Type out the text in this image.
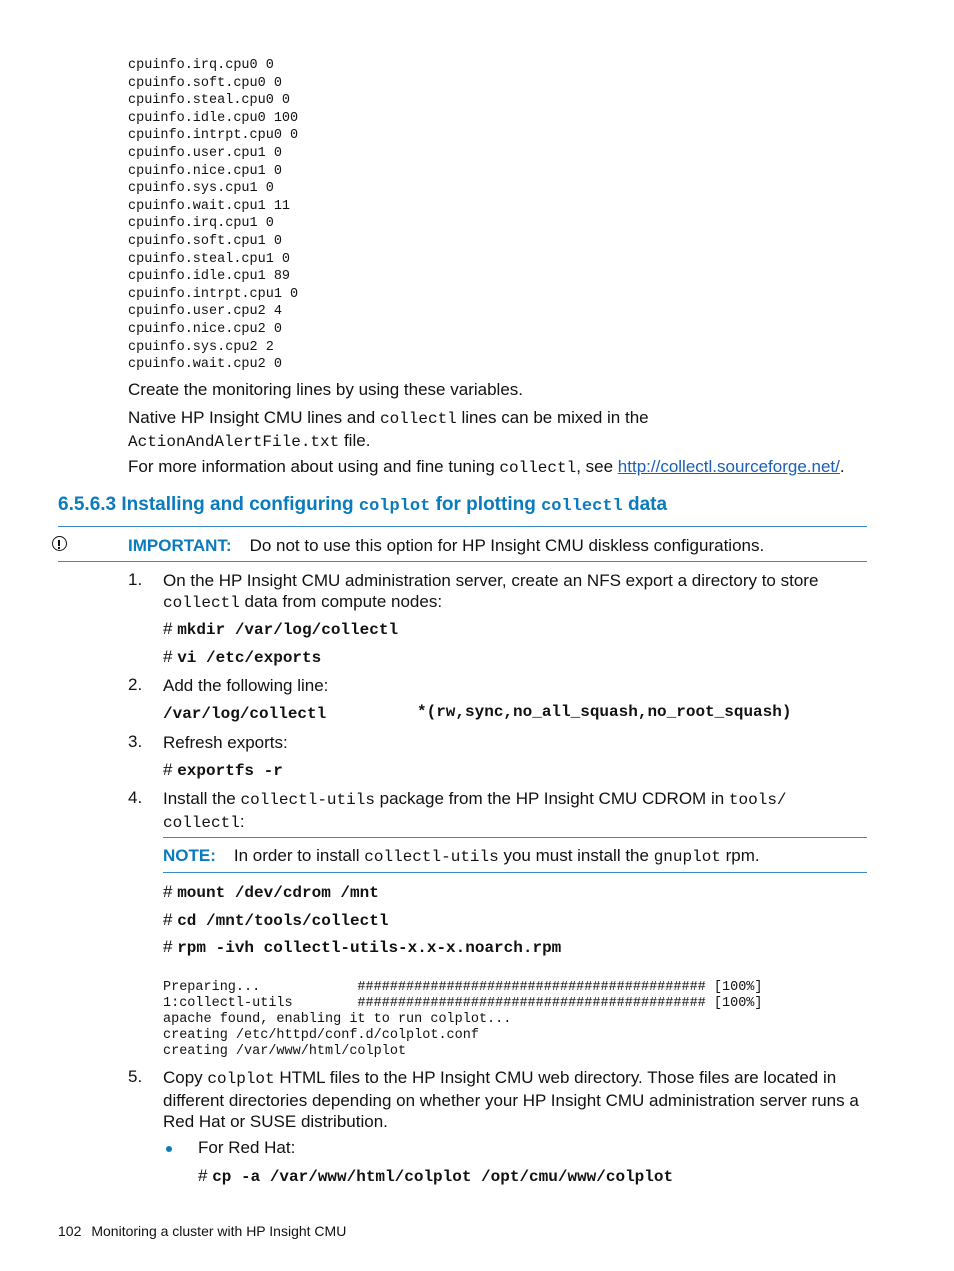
cpuinfo.irq.cpu0 0
cpuinfo.soft.cpu0 0
cpuinfo.steal.cpu0 0
cpuinfo.idle.cpu0 100
cpuinfo.intrpt.cpu0 0
cpuinfo.user.cpu1 0
cpuinfo.nice.cpu1 0
cpuinfo.sys.cpu1 0
cpuinfo.wait.cpu1 11
cpuinfo.irq.cpu1 0
cpuinfo.soft.cpu1 0
cpuinfo.steal.cpu1 0
cpuinfo.idle.cpu1 89
cpuinfo.intrpt.cpu1 0
cpuinfo.user.cpu2 4
cpuinfo.nice.cpu2 0
cpuinfo.sys.cpu2 2
cpuinfo.wait.cpu2 0

Create the monitoring lines by using these variables.

Native HP Insight CMU lines and collectl lines can be mixed in the
ActionAndAlertFile.txt file.

For more information about using and fine tuning collectl, see http://collectl.sourceforge.net/.

6.5.6.3 Installing and configuring colplot for plotting collectl data
IMPORTANT: Do not to use this option for HP Insight CMU diskless configurations.
1. On the HP Insight CMU administration server, create an NFS export a directory to store
collectl data from compute nodes:

# mkdir /var/log/collectl
# vi /etc/exports
2. Add the following line:

/var/log/collectl	*(rw,sync,no_all_squash,no_root_squash)
3. Refresh exports:

# exportfs -r
4. Install the collectl-utils package from the HP Insight CMU CDROM in tools/
collectl:

NOTE: In order to install collectl-utils you must install the gnuplot rpm.
# mount /dev/cdrom /mnt
# cd /mnt/tools/collectl
# rpm -ivh collectl-utils-x.x-x.noarch.rpm
Preparing...            ########################################### [100%]
1:collectl-utils        ########################################### [100%]
apache found, enabling it to run colplot...
creating /etc/httpd/conf.d/colplot.conf
creating /var/www/html/colplot
5. Copy colplot HTML files to the HP Insight CMU web directory. Those files are located in different directories depending on whether your HP Insight CMU administration server runs a Red Hat or SUSE distribution.

For Red Hat:
# cp -a /var/www/html/colplot /opt/cmu/www/colplot
102 Monitoring a cluster with HP Insight CMU
